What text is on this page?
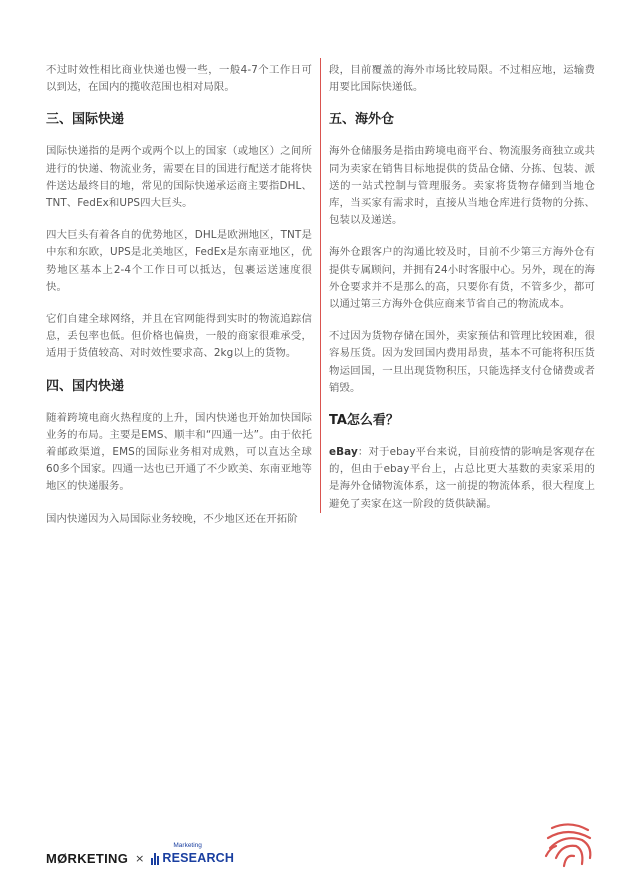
不过时效性相比商业快递也慢一些，一般4-7个工作日可以到达，在国内的揽收范围也相对局限。

三、国际快递

国际快递指的是两个或两个以上的国家（或地区）之间所进行的快递、物流业务，需要在目的国进行配送才能将快件送达最终目的地，常见的国际快递承运商主要指DHL、TNT、FedEx和UPS四大巨头。

四大巨头有着各自的优势地区，DHL是欧洲地区，TNT是中东和东欧，UPS是北美地区，FedEx是东南亚地区，优势地区基本上2-4个工作日可以抵达，包裹运送速度很快。

它们自建全球网络，并且在官网能得到实时的物流追踪信息，丢包率也低。但价格也偏贵，一般的商家很难承受，适用于货值较高、对时效性要求高、2kg以上的货物。

四、国内快递

随着跨境电商火热程度的上升，国内快递也开始加快国际业务的布局。主要是EMS、顺丰和“四通一达”。由于依托着邮政渠道，EMS的国际业务相对成熟，可以直达全球60多个国家。四通一达也已开通了不少欧美、东南亚地等地区的快递服务。

国内快递因为入局国际业务较晚，不少地区还在开拓阶

段，目前覆盖的海外市场比较局限。不过相应地，运输费用要比国际快递低。

五、海外仓

海外仓储服务是指由跨境电商平台、物流服务商独立或共同为卖家在销售目标地提供的货品仓储、分拣、包装、派送的一站式控制与管理服务。卖家将货物存储到当地仓库，当买家有需求时，直接从当地仓库进行货物的分拣、包装以及递送。

海外仓跟客户的沟通比较及时，目前不少第三方海外仓有提供专属顾问，并拥有24小时客服中心。另外，现在的海外仓要求并不是那么的高，只要你有货，不管多少，都可以通过第三方海外仓供应商来节省自己的物流成本。

不过因为货物存储在国外，卖家预估和管理比较困难，很容易压货。因为发回国内费用昂贵，基本不可能将积压货物运回国，一旦出现货物积压，只能选择支付仓储费或者销毁。

TA怎么看？

eBay：对于ebay平台来说，目前疫情的影响是客观存在的，但由于ebay平台上，占总比更大基数的卖家采用的是海外仓储物流体系，这一前提的物流体系，很大程度上避免了卖家在这一阶段的货供缺漏。

MØRKETING ×
Marketing
RESEARCH
